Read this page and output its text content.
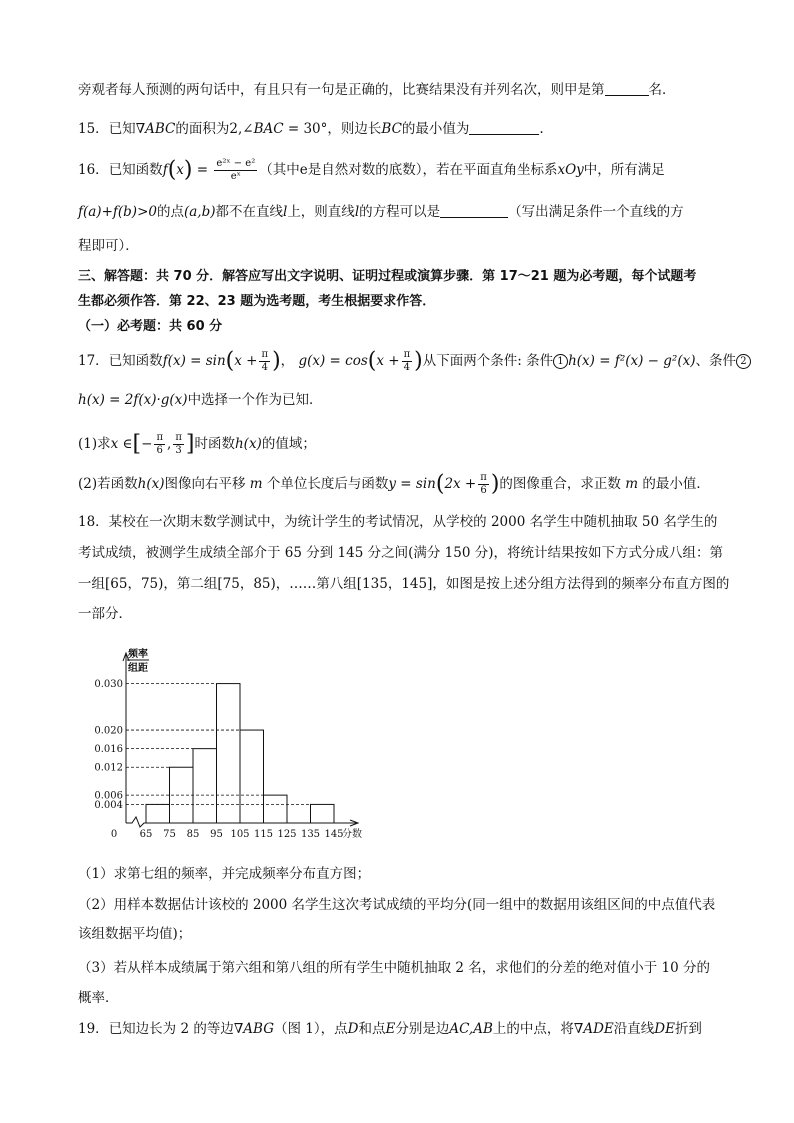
旁观者每人预测的两句话中，有且只有一句是正确的，比赛结果没有并列名次，则甲是第	名．
15．已知∇ABC的面积为2,∠BAC = 30°，则边长BC的最小值为	.
16．已知函数$f(x) = \frac{\text{e²ˣ − e²}}{\text{eˣ}}$ （其中e是自然对数的底数），若在平面直角坐标系xOy中，所有满足
f(a)+f(b)>0的点(a,b)都不在直线l上，则直线l的方程可以是	（写出满足条件一个直线的方
程即可）．
三、解答题：共 70 分．解答应写出文字说明、证明过程或演算步骤．第 17～21 题为必考题，每个试题考
生都必须作答．第 22、23 题为选考题，考生根据要求作答．
（一）必考题：共 60 分
17．已知函数$f(x) = \sin(x + \frac{\pi}{4}$ )， $g(x) = \cos(x + \frac{\pi}{4}$ )从下面两个条件: 条件 1 h(x) = f²(x) − g²(x)、条件 2
h(x) = 2f(x)·g(x)中选择一个作为已知．
(1)求x ∈[− $\frac{\pi}{6}$ , $\frac{\pi}{3}$ ]时函数h(x)的值域；
(2)若函数h(x)图像向右平移 m 个单位长度后与函数$y = \sin(2x + \frac{\pi}{6}$ )的图像重合，求正数 m 的最小值．
18．某校在一次期末数学测试中，为统计学生的考试情况，从学校的 2000 名学生中随机抽取 50 名学生的
考试成绩，被测学生成绩全部介于 65 分到 145 分之间(满分 150 分)，将统计结果按如下方式分成八组：第
一组[65，75)，第二组[75，85)，……第八组[135，145]，如图是按上述分组方法得到的频率分布直方图的
一部分．
0.030
0.020
0.016
0.012
0.006
0.004
65 75 85 95 105 115 125 135 145
0	分数
频率
组距
（1）求第七组的频率，并完成频率分布直方图；
（2）用样本数据估计该校的 2000 名学生这次考试成绩的平均分(同一组中的数据用该组区间的中点值代表
该组数据平均值)；
（3）若从样本成绩属于第六组和第八组的所有学生中随机抽取 2 名，求他们的分差的绝对值小于 10 分的
概率．
19．已知边长为 2 的等边∇ABG（图 1），点D和点E分别是边AC,AB上的中点，将∇ADE沿直线DE折到
